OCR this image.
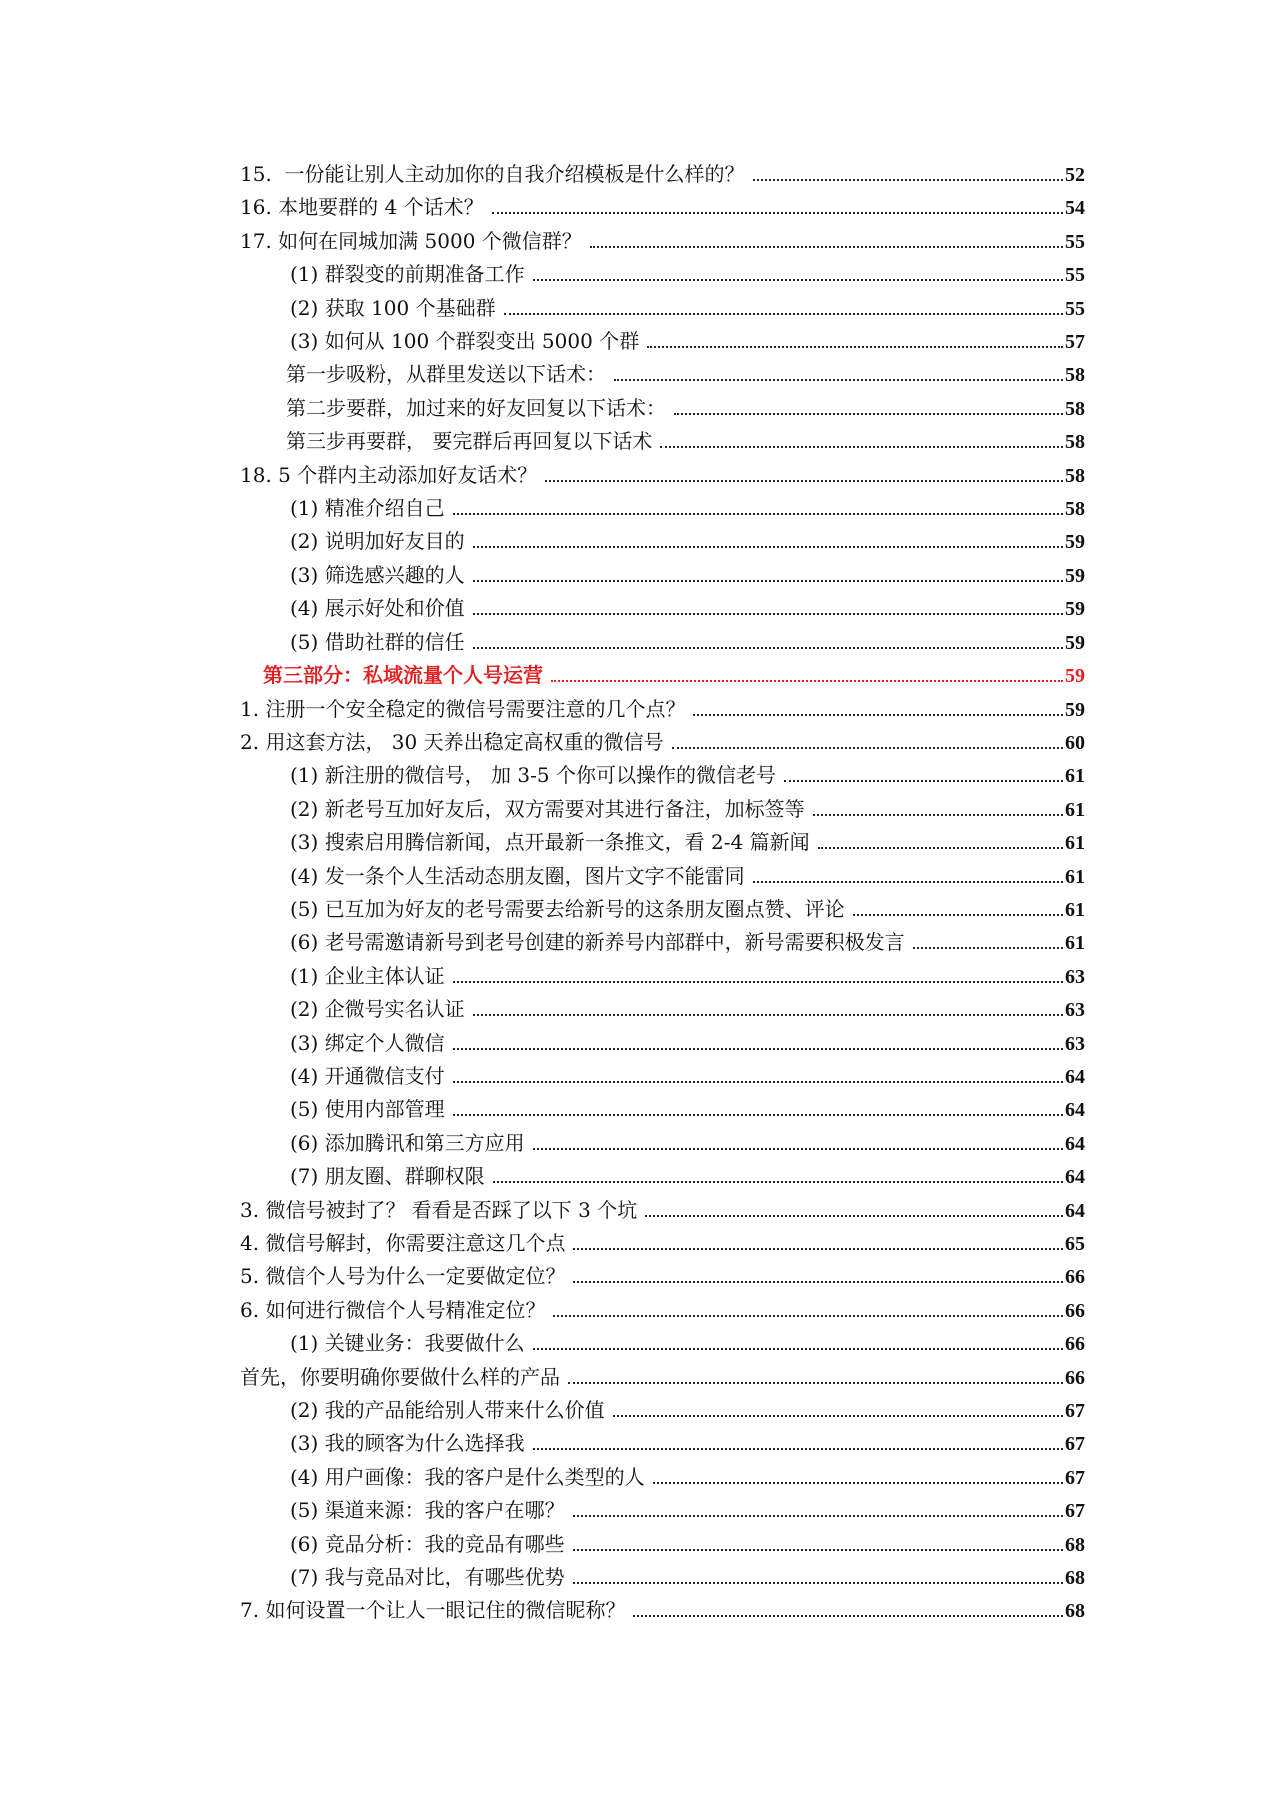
15.  一份能让别人主动加你的自我介绍模板是什么样的？	52
16. 本地要群的 4 个话术？	54
17. 如何在同城加满 5000 个微信群？	55
(1) 群裂变的前期准备工作	55
(2) 获取 100 个基础群	55
(3) 如何从 100 个群裂变出 5000 个群	57
第一步吸粉，从群里发送以下话术：	58
第二步要群，加过来的好友回复以下话术：	58
第三步再要群， 要完群后再回复以下话术	58
18. 5 个群内主动添加好友话术？	58
(1) 精准介绍自己	58
(2) 说明加好友目的	59
(3) 筛选感兴趣的人	59
(4) 展示好处和价值	59
(5) 借助社群的信任	59
第三部分：私域流量个人号运营	59
1. 注册一个安全稳定的微信号需要注意的几个点？	59
2. 用这套方法， 30 天养出稳定高权重的微信号	60
(1) 新注册的微信号， 加 3-5 个你可以操作的微信老号	61
(2) 新老号互加好友后，双方需要对其进行备注，加标签等	61
(3) 搜索启用腾信新闻，点开最新一条推文，看 2-4 篇新闻	61
(4) 发一条个人生活动态朋友圈，图片文字不能雷同	61
(5) 已互加为好友的老号需要去给新号的这条朋友圈点赞、评论	61
(6) 老号需邀请新号到老号创建的新养号内部群中，新号需要积极发言	61
(1) 企业主体认证	63
(2) 企微号实名认证	63
(3) 绑定个人微信	63
(4) 开通微信支付	64
(5) 使用内部管理	64
(6) 添加腾讯和第三方应用	64
(7) 朋友圈、群聊权限	64
3. 微信号被封了？ 看看是否踩了以下 3 个坑	64
4. 微信号解封，你需要注意这几个点	65
5. 微信个人号为什么一定要做定位？	66
6. 如何进行微信个人号精准定位？	66
(1) 关键业务：我要做什么	66
首先，你要明确你要做什么样的产品	66
(2) 我的产品能给别人带来什么价值	67
(3) 我的顾客为什么选择我	67
(4) 用户画像：我的客户是什么类型的人	67
(5) 渠道来源：我的客户在哪？	67
(6) 竞品分析：我的竞品有哪些	68
(7) 我与竞品对比，有哪些优势	68
7. 如何设置一个让人一眼记住的微信昵称？	68
